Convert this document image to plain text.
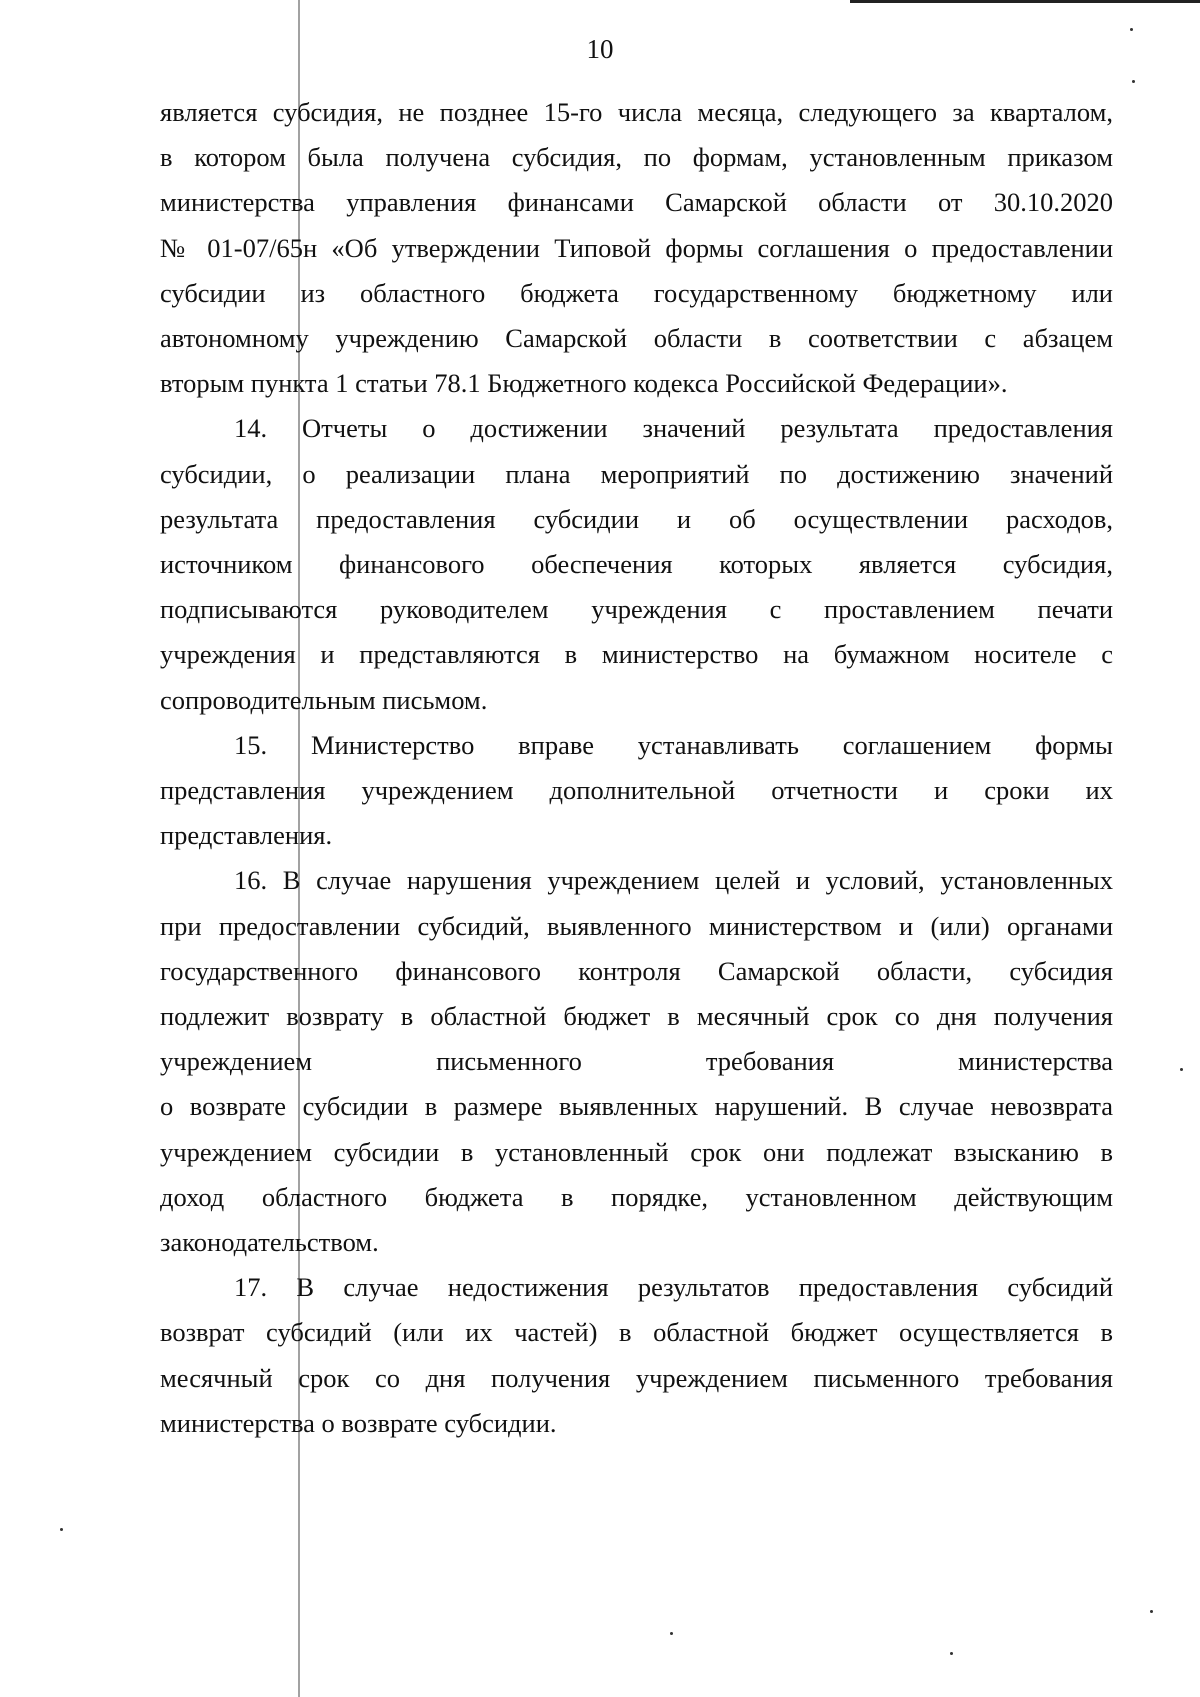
10
является субсидия, не позднее 15-го числа месяца, следующего за кварталом,
в котором была получена субсидия, по формам, установленным приказом
министерства управления финансами Самарской области от 30.10.2020
№ 01-07/65н «Об утверждении Типовой формы соглашения о предоставлении
субсидии из областного бюджета государственному бюджетному или
автономному учреждению Самарской области в соответствии с абзацем
вторым пункта 1 статьи 78.1 Бюджетного кодекса Российской Федерации».
14. Отчеты о достижении значений результата предоставления
субсидии, о реализации плана мероприятий по достижению значений
результата предоставления субсидии и об осуществлении расходов,
источником финансового обеспечения которых является субсидия,
подписываются руководителем учреждения с проставлением печати
учреждения и представляются в министерство на бумажном носителе с
сопроводительным письмом.
15. Министерство вправе устанавливать соглашением формы
представления учреждением дополнительной отчетности и сроки их
представления.
16. В случае нарушения учреждением целей и условий, установленных
при предоставлении субсидий, выявленного министерством и (или) органами
государственного финансового контроля Самарской области, субсидия
подлежит возврату в областной бюджет в месячный срок со дня получения
учреждением письменного требования министерства
о возврате субсидии в размере выявленных нарушений. В случае невозврата
учреждением субсидии в установленный срок они подлежат взысканию в
доход областного бюджета в порядке, установленном действующим
законодательством.
17. В случае недостижения результатов предоставления субсидий
возврат субсидий (или их частей) в областной бюджет осуществляется в
месячный срок со дня получения учреждением письменного требования
министерства о возврате субсидии.
